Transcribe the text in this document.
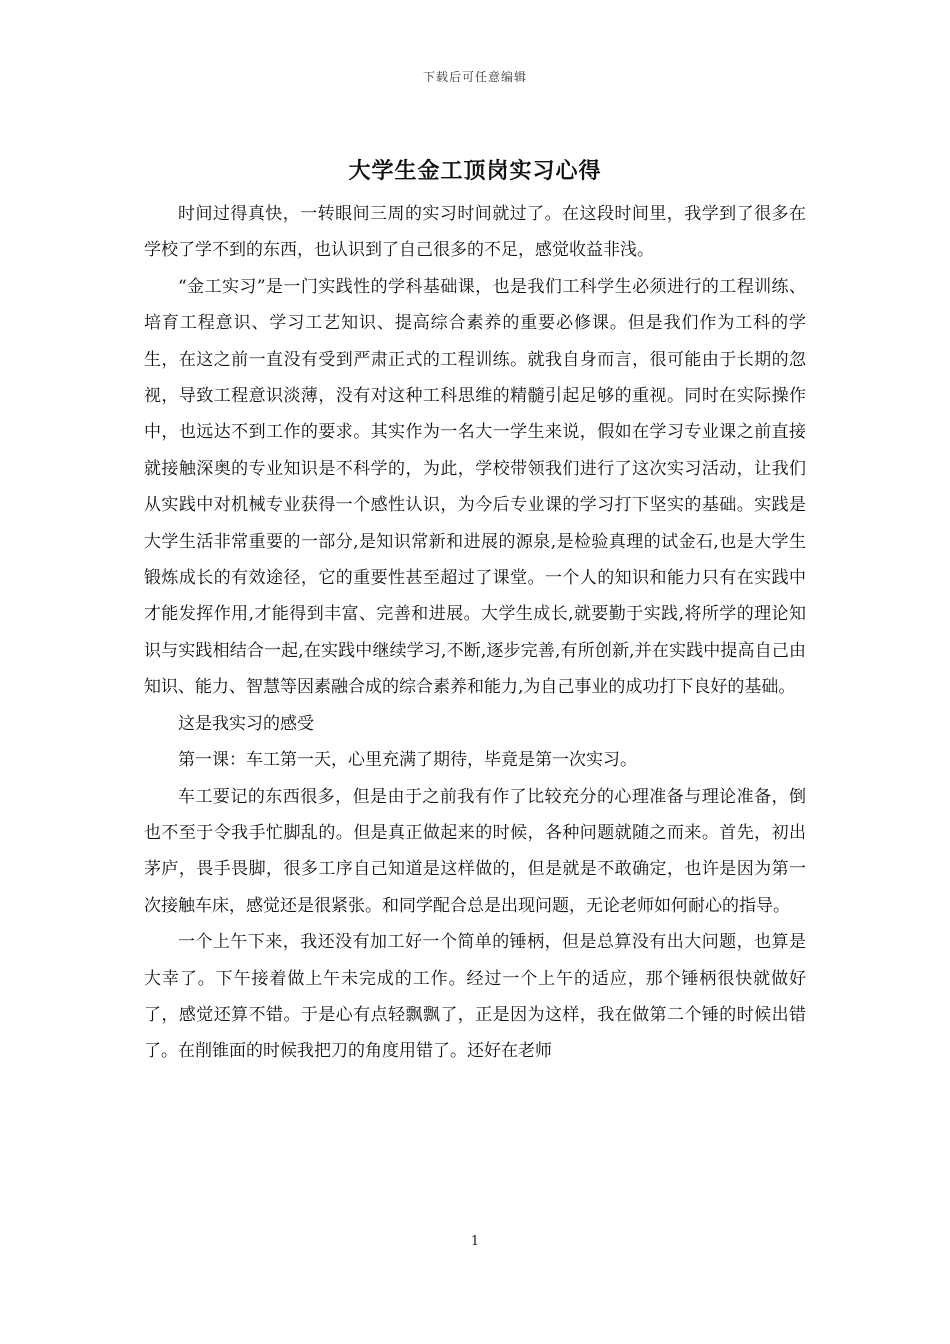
下载后可任意编辑
大学生金工顶岗实习心得

时间过得真快，一转眼间三周的实习时间就过了。在这段时间里，我学到了很多在学校了学不到的东西，也认识到了自己很多的不足，感觉收益非浅。

“金工实习”是一门实践性的学科基础课，也是我们工科学生必须进行的工程训练、培育工程意识、学习工艺知识、提高综合素养的重要必修课。但是我们作为工科的学生，在这之前一直没有受到严肃正式的工程训练。就我自身而言，很可能由于长期的忽视，导致工程意识淡薄，没有对这种工科思维的精髓引起足够的重视。同时在实际操作中，也远达不到工作的要求。其实作为一名大一学生来说，假如在学习专业课之前直接就接触深奥的专业知识是不科学的，为此，学校带领我们进行了这次实习活动，让我们从实践中对机械专业获得一个感性认识，为今后专业课的学习打下坚实的基础。实践是大学生活非常重要的一部分,是知识常新和进展的源泉,是检验真理的试金石,也是大学生锻炼成长的有效途径，它的重要性甚至超过了课堂。一个人的知识和能力只有在实践中才能发挥作用,才能得到丰富、完善和进展。大学生成长,就要勤于实践,将所学的理论知识与实践相结合一起,在实践中继续学习,不断,逐步完善,有所创新,并在实践中提高自己由知识、能力、智慧等因素融合成的综合素养和能力,为自己事业的成功打下良好的基础。

这是我实习的感受

第一课：车工第一天，心里充满了期待，毕竟是第一次实习。

车工要记的东西很多，但是由于之前我有作了比较充分的心理准备与理论准备，倒也不至于令我手忙脚乱的。但是真正做起来的时候，各种问题就随之而来。首先，初出茅庐，畏手畏脚，很多工序自己知道是这样做的，但是就是不敢确定，也许是因为第一次接触车床，感觉还是很紧张。和同学配合总是出现问题，无论老师如何耐心的指导。

一个上午下来，我还没有加工好一个简单的锤柄，但是总算没有出大问题，也算是大幸了。下午接着做上午未完成的工作。经过一个上午的适应，那个锤柄很快就做好了，感觉还算不错。于是心有点轻飘飘了，正是因为这样，我在做第二个锤的时候出错了。在削锥面的时候我把刀的角度用错了。还好在老师

1
